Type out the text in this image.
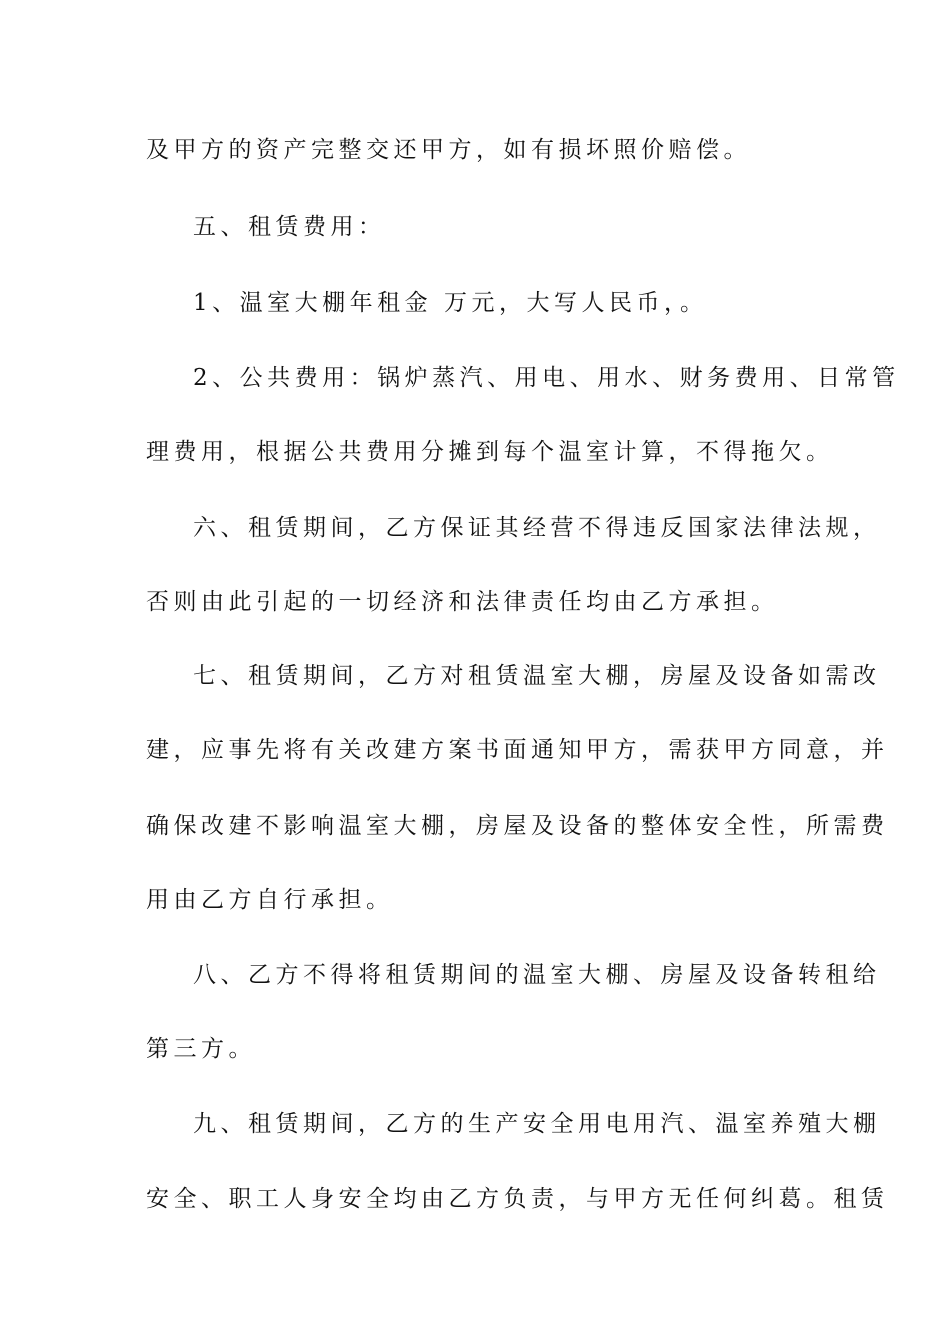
及甲方的资产完整交还甲方，如有损坏照价赔偿。
五、租赁费用：
1、温室大棚年租金 万元，大写人民币，。
2、公共费用：锅炉蒸汽、用电、用水、财务费用、日常管
理费用，根据公共费用分摊到每个温室计算，不得拖欠。
六、租赁期间，乙方保证其经营不得违反国家法律法规，
否则由此引起的一切经济和法律责任均由乙方承担。
七、租赁期间，乙方对租赁温室大棚，房屋及设备如需改
建，应事先将有关改建方案书面通知甲方，需获甲方同意，并
确保改建不影响温室大棚，房屋及设备的整体安全性，所需费
用由乙方自行承担。
八、乙方不得将租赁期间的温室大棚、房屋及设备转租给
第三方。
九、租赁期间，乙方的生产安全用电用汽、温室养殖大棚
安全、职工人身安全均由乙方负责，与甲方无任何纠葛。租赁
